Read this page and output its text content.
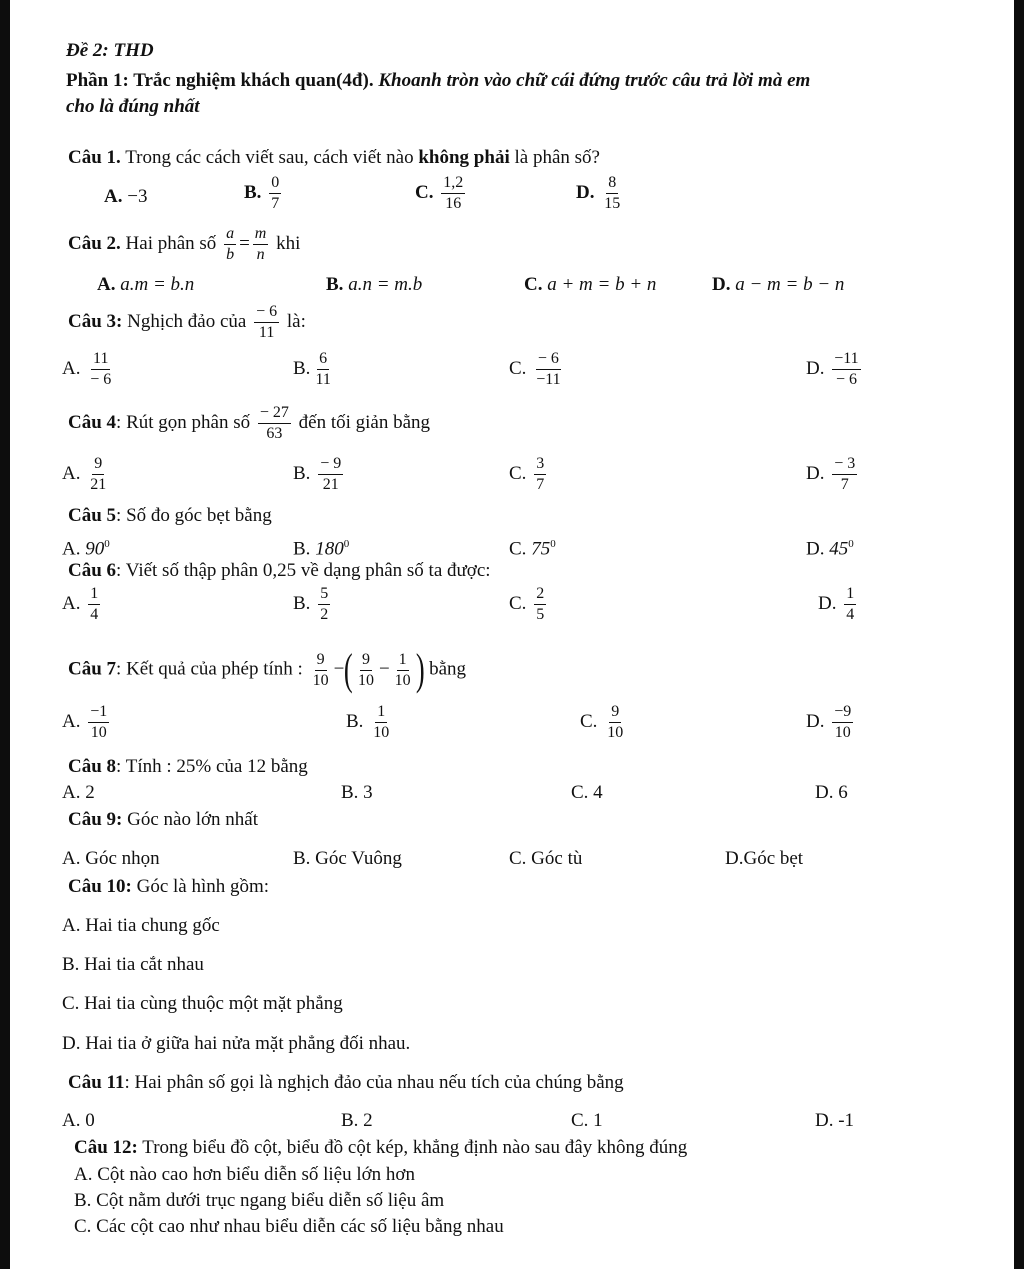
Đề 2: THD
Phần 1: Trắc nghiệm khách quan(4đ). Khoanh tròn vào chữ cái đứng trước câu trả lời mà em
cho là đúng nhất
Câu 1. Trong các cách viết sau, cách viết nào không phải là phân số?
A. −3	B. $\frac{0}{7}$	C. $\frac{1,2}{16}$	D. $\frac{8}{15}$
Câu 2. Hai phân số $\frac{a}{b} = \frac{m}{n}$ khi
A. a.m = b.n	B. a.n = m.b	C. a + m = b + n	D. a − m = b − n
Câu 3: Nghịch đảo của $\frac{- 6}{11}$ là:
A. $\frac{11}{- 6}$	B. $\frac{6}{11}$	C. $\frac{- 6}{-11}$	D. $\frac{-11}{- 6}$
Câu 4: Rút gọn phân số $\frac{- 27}{63}$ đến tối giản bằng
A. $\frac{9}{21}$	B. $\frac{- 9}{21}$	C. $\frac{3}{7}$	D. $\frac{- 3}{7}$
Câu 5: Số đo góc bẹt bằng
A. $90^0$	B. $180^0$	C. $75^0$	D. $45^0$
Câu 6: Viết số thập phân 0,25 về dạng phân số ta được:
A. $\frac{1}{4}$	B. $\frac{5}{2}$	C. $\frac{2}{5}$	D. $\frac{1}{4}$
Câu 7: Kết quả của phép tính : $\frac{9}{10}$ −( $\frac{9}{10} - \frac{1}{10}$ ) bằng
A. $\frac{-1}{10}$	B. $\frac{1}{10}$	C. $\frac{9}{10}$	D. $\frac{-9}{10}$
Câu 8: Tính : 25% của 12 bằng
A. 2	B. 3	C. 4	D. 6
Câu 9: Góc nào lớn nhất
A. Góc nhọn	B. Góc Vuông	C. Góc tù	D.Góc bẹt
Câu 10: Góc là hình gồm:
A. Hai tia chung gốc
B. Hai tia cắt nhau
C. Hai tia cùng thuộc một mặt phẳng
D. Hai tia ở giữa hai nửa mặt phẳng đối nhau.
Câu 11: Hai phân số gọi là nghịch đảo của nhau nếu tích của chúng bằng
A. 0	B. 2	C. 1	D. -1
Câu 12: Trong biểu đồ cột, biểu đồ cột kép, khẳng định nào sau đây không đúng
A. Cột nào cao hơn biểu diễn số liệu lớn hơn
B. Cột nằm dưới trục ngang biểu diễn số liệu âm
C. Các cột cao như nhau biểu diễn các số liệu bằng nhau
